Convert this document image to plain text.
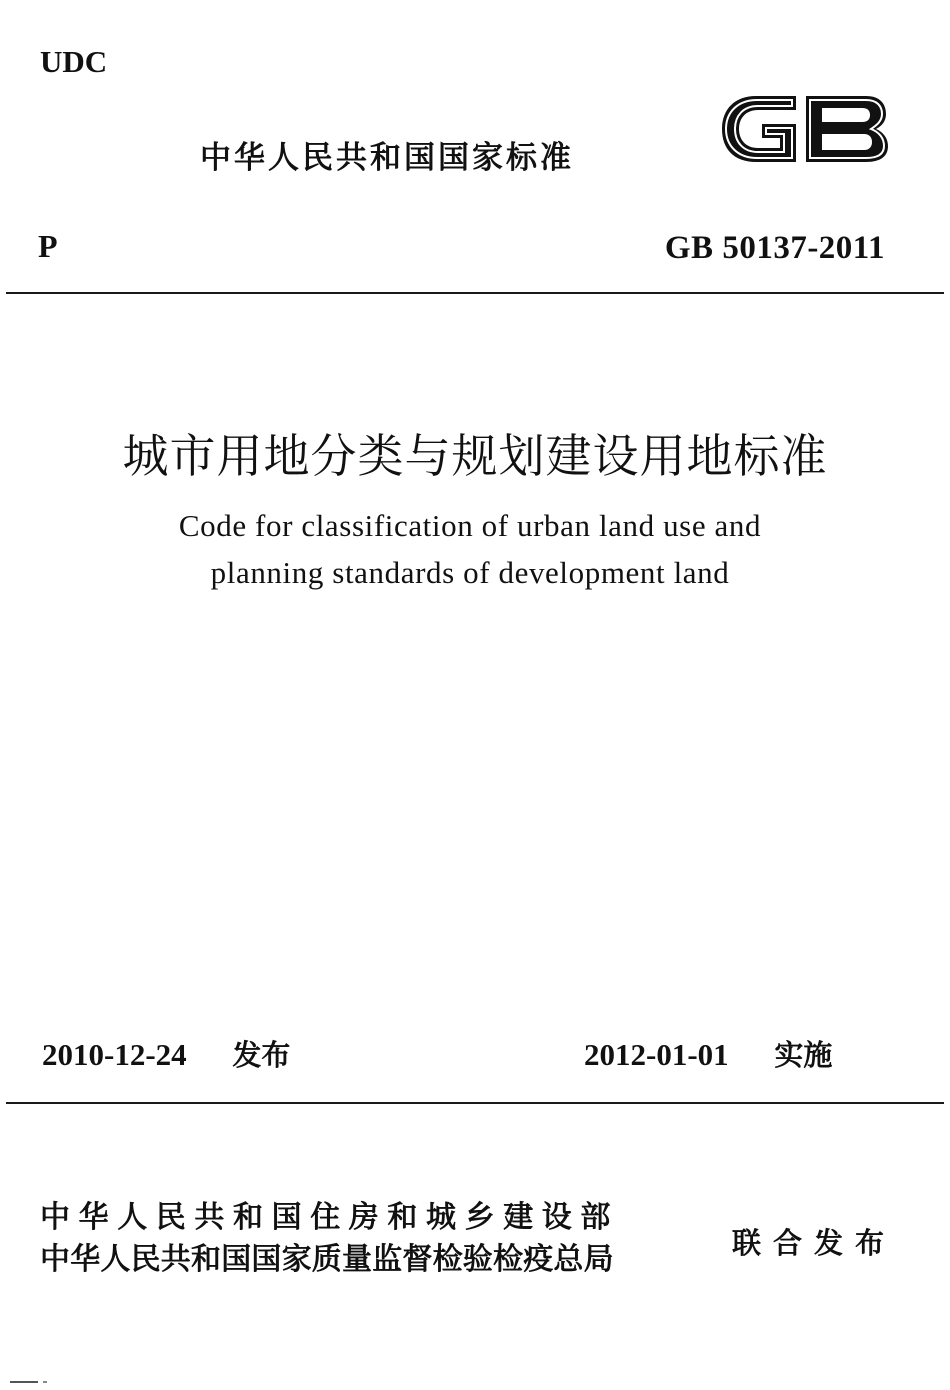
UDC
中华人民共和国国家标准
P	GB 50137-2011
城市用地分类与规划建设用地标准
Code for classification of urban land use and
planning standards of development land
2010-12-24 发布	2012-01-01 实施
中华人民共和国住房和城乡建设部
中华人民共和国国家质量监督检验检疫总局	联合发布
